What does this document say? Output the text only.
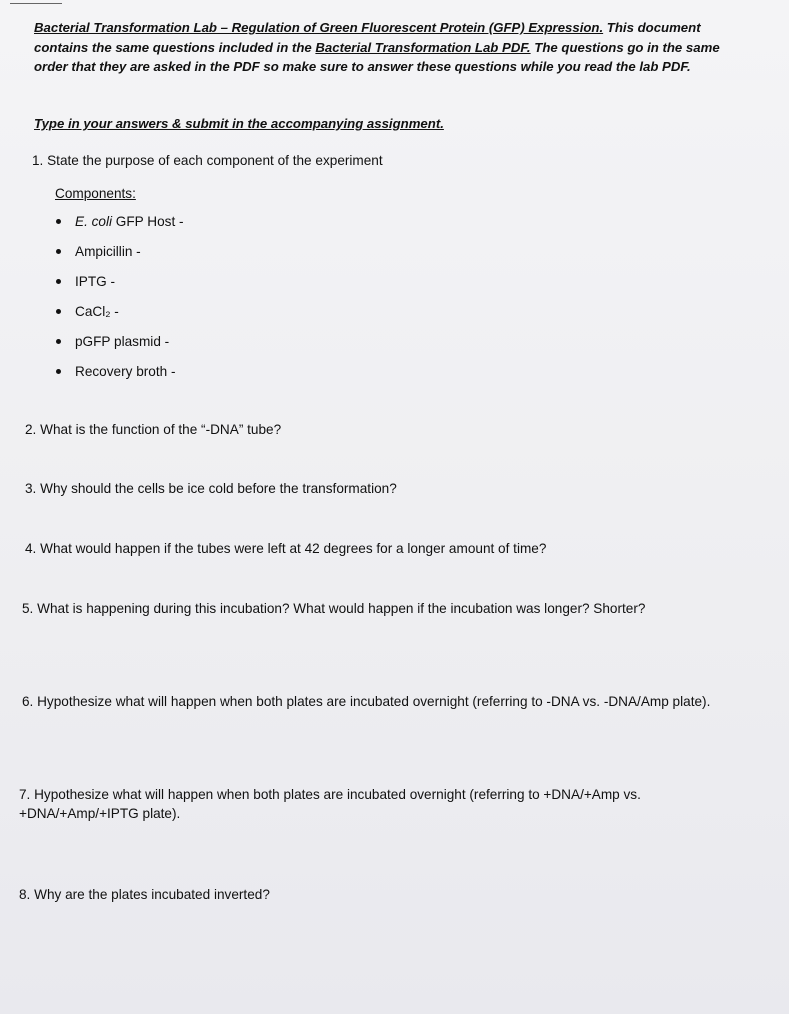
Bacterial Transformation Lab – Regulation of Green Fluorescent Protein (GFP) Expression. This document contains the same questions included in the Bacterial Transformation Lab PDF. The questions go in the same order that they are asked in the PDF so make sure to answer these questions while you read the lab PDF.
Type in your answers & submit in the accompanying assignment.
1. State the purpose of each component of the experiment
Components:
E. coli GFP Host -
Ampicillin -
IPTG -
CaCl₂ -
pGFP plasmid -
Recovery broth -
2. What is the function of the “-DNA” tube?
3. Why should the cells be ice cold before the transformation?
4. What would happen if the tubes were left at 42 degrees for a longer amount of time?
5. What is happening during this incubation? What would happen if the incubation was longer? Shorter?
6. Hypothesize what will happen when both plates are incubated overnight (referring to -DNA vs. -DNA/Amp plate).
7. Hypothesize what will happen when both plates are incubated overnight (referring to +DNA/+Amp vs. +DNA/+Amp/+IPTG plate).
8. Why are the plates incubated inverted?
